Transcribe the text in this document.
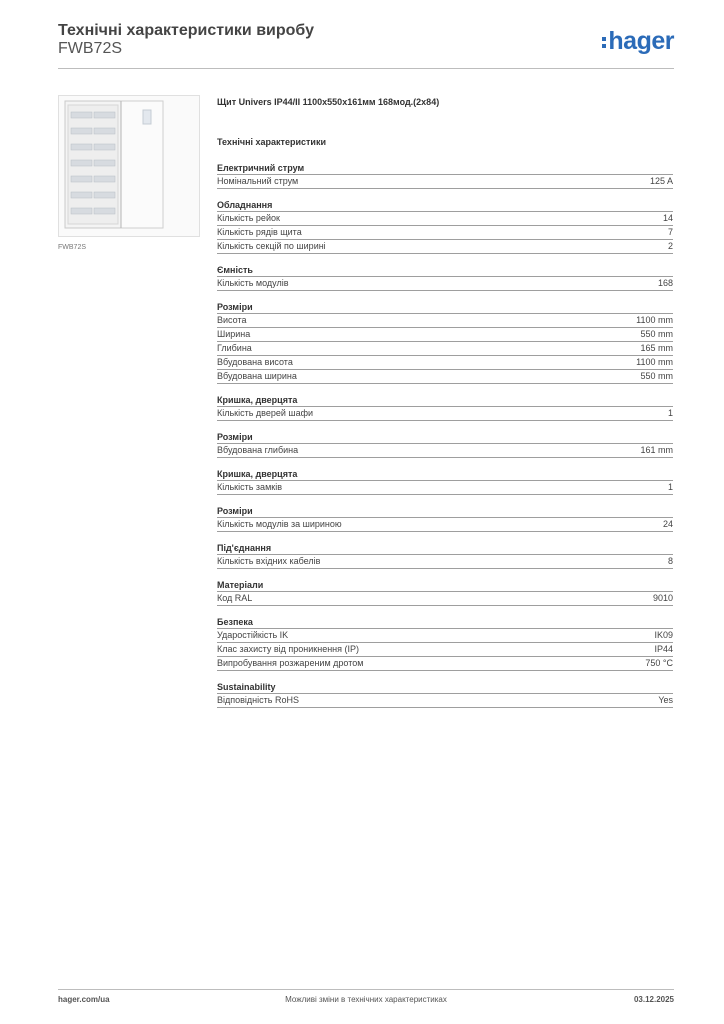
Технічні характеристики виробу
FWB72S	hager
FWB72S
Щит Univers IP44/II 1100x550x161мм 168мод.(2x84)
Технічні характеристики
Електричний струм
Номінальний струм	125 A
Обладнання
Кількість рейок	14
Кількість рядів щита	7
Кількість секцій по ширині	2
Ємність
Кількість модулів	168
Розміри
Висота	1100 mm
Ширина	550 mm
Глибина	165 mm
Вбудована висота	1100 mm
Вбудована ширина	550 mm
Кришка, дверцята
Кількість дверей шафи	1
Розміри
Вбудована глибина	161 mm
Кришка, дверцята
Кількість замків	1
Розміри
Кількість модулів за шириною	24
Під'єднання
Кількість вхідних кабелів	8
Матеріали
Код RAL	9010
Безпека
Ударостійкість IK	IK09
Клас захисту від проникнення (IP)	IP44
Випробування розжареним дротом	750 °C
Sustainability
Відповідність RoHS	Yes
hager.com/ua	Можливі зміни в технічних характеристиках	03.12.2025
